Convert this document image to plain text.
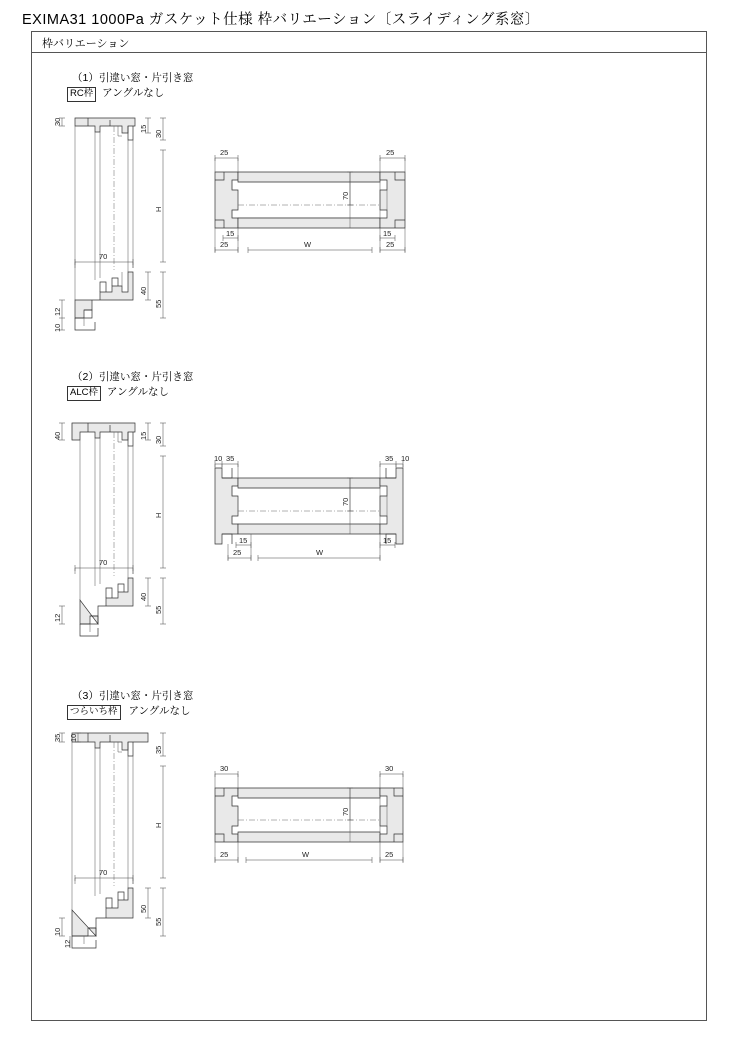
EXIMA31 1000Pa ガスケット仕様 枠バリエーション〔スライディング系窓〕
枠バリエーション
（1）引違い窓・片引き窓
RC枠 アングルなし
30
12
10
15
30
H
40
55
70
25	25
70
15	15
25	W	25
（2）引違い窓・片引き窓
ALC枠 アングルなし
40
12
15 30
H
40
55
70
10 35	35 10
70
15	15
25	W
（3）引違い窓・片引き窓
つらいち枠 アングルなし
35 10
10
12
35
H
50
55
70
30	30
70
25	W	25
